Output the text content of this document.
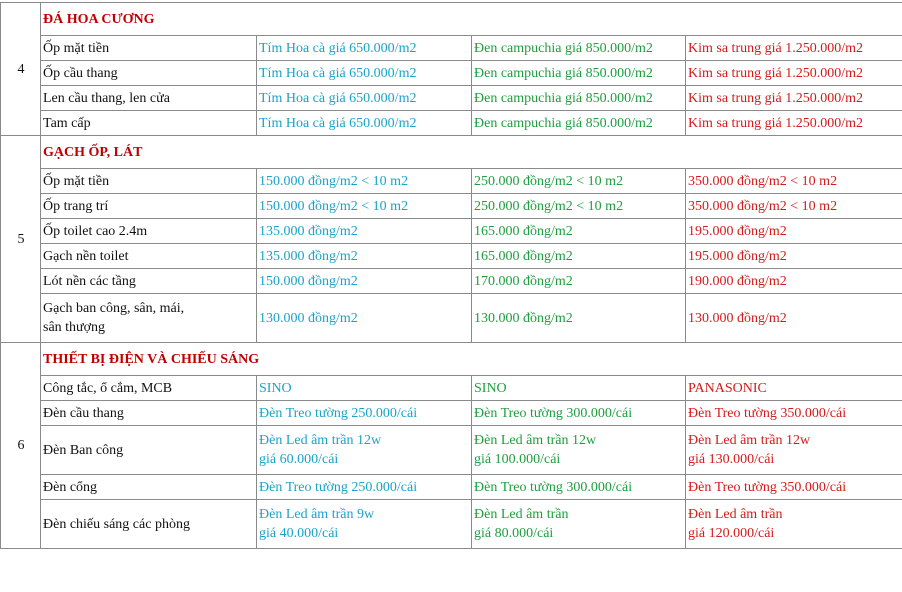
4	ĐÁ HOA CƯƠNG			

	Ốp mặt tiền	Tím Hoa cà giá 650.000/m2	Đen campuchia giá 850.000/m2	Kim sa trung giá 1.250.000/m2

	Ốp cầu thang	Tím Hoa cà giá 650.000/m2	Đen campuchia giá 850.000/m2	Kim sa trung giá 1.250.000/m2

	Len cầu thang, len cửa	Tím Hoa cà giá 650.000/m2	Đen campuchia giá 850.000/m2	Kim sa trung giá 1.250.000/m2

	Tam cấp	Tím Hoa cà giá 650.000/m2	Đen campuchia giá 850.000/m2	Kim sa trung giá 1.250.000/m2

5	GẠCH ỐP, LÁT			

	Ốp mặt tiền	150.000 đồng/m2 < 10 m2	250.000 đồng/m2 < 10 m2	350.000 đồng/m2 < 10 m2

	Ốp trang trí	150.000 đồng/m2 < 10 m2	250.000 đồng/m2 < 10 m2	350.000 đồng/m2 < 10 m2

	Ốp toilet cao 2.4m	135.000 đồng/m2	165.000 đồng/m2	195.000 đồng/m2

	Gạch nền toilet	135.000 đồng/m2	165.000 đồng/m2	195.000 đồng/m2

	Lót nền các tầng	150.000 đồng/m2	170.000 đồng/m2	190.000 đồng/m2

	Gạch ban công, sân, mái,
sân thượng	130.000 đồng/m2	130.000 đồng/m2	130.000 đồng/m2

6	THIẾT BỊ ĐIỆN VÀ CHIẾU SÁNG			

	Công tắc, ổ cắm, MCB	SINO	SINO	PANASONIC

	Đèn cầu thang	Đèn Treo tường 250.000/cái	Đèn Treo tường 300.000/cái	Đèn Treo tường 350.000/cái

	Đèn Ban công	Đèn Led âm trần 12w
giá 60.000/cái	Đèn Led âm trần 12w
giá 100.000/cái	Đèn Led âm trần 12w
giá 130.000/cái

	Đèn cổng	Đèn Treo tường 250.000/cái	Đèn Treo tường 300.000/cái	Đèn Treo tường 350.000/cái

	Đèn chiếu sáng các phòng	Đèn Led âm trần 9w
giá 40.000/cái	Đèn Led âm trần
giá 80.000/cái	Đèn Led âm trần
giá 120.000/cái
